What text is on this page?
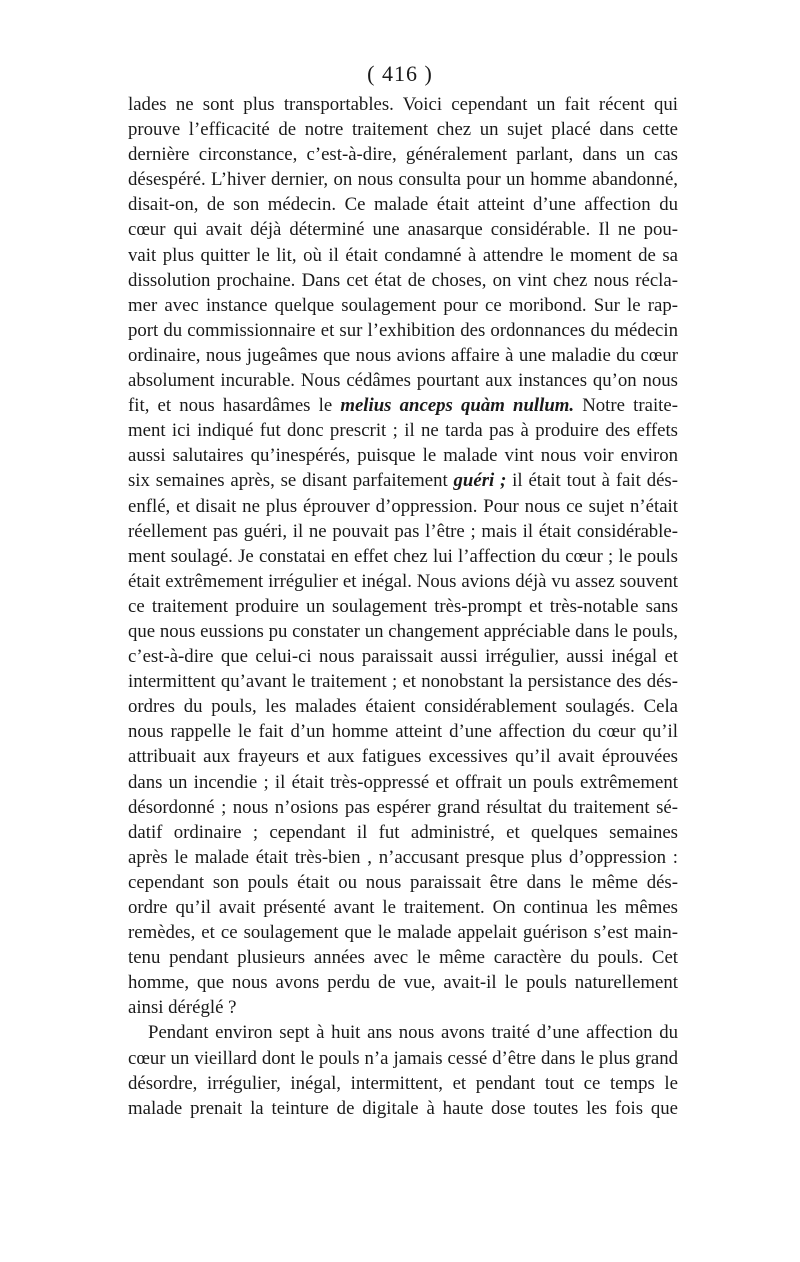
( 416 )

lades ne sont plus transportables. Voici cependant un fait récent qui
prouve l’efficacité de notre traitement chez un sujet placé dans cette
dernière circonstance, c’est-à-dire, généralement parlant, dans un cas
désespéré. L’hiver dernier, on nous consulta pour un homme abandonné,
disait-on, de son médecin. Ce malade était atteint d’une affection du
cœur qui avait déjà déterminé une anasarque considérable. Il ne pou-
vait plus quitter le lit, où il était condamné à attendre le moment de sa
dissolution prochaine. Dans cet état de choses, on vint chez nous récla-
mer avec instance quelque soulagement pour ce moribond. Sur le rap-
port du commissionnaire et sur l’exhibition des ordonnances du médecin
ordinaire, nous jugeâmes que nous avions affaire à une maladie du cœur
absolument incurable. Nous cédâmes pourtant aux instances qu’on nous
fit, et nous hasardâmes le melius anceps quàm nullum. Notre traite-
ment ici indiqué fut donc prescrit ; il ne tarda pas à produire des effets
aussi salutaires qu’inespérés, puisque le malade vint nous voir environ
six semaines après, se disant parfaitement guéri ; il était tout à fait dés-
enflé, et disait ne plus éprouver d’oppression. Pour nous ce sujet n’était
réellement pas guéri, il ne pouvait pas l’être ; mais il était considérable-
ment soulagé. Je constatai en effet chez lui l’affection du cœur ; le pouls
était extrêmement irrégulier et inégal. Nous avions déjà vu assez souvent
ce traitement produire un soulagement très-prompt et très-notable sans
que nous eussions pu constater un changement appréciable dans le pouls,
c’est-à-dire que celui-ci nous paraissait aussi irrégulier, aussi inégal et
intermittent qu’avant le traitement ; et nonobstant la persistance des dés-
ordres du pouls, les malades étaient considérablement soulagés. Cela
nous rappelle le fait d’un homme atteint d’une affection du cœur qu’il
attribuait aux frayeurs et aux fatigues excessives qu’il avait éprouvées
dans un incendie ; il était très-oppressé et offrait un pouls extrêmement
désordonné ; nous n’osions pas espérer grand résultat du traitement sé-
datif ordinaire ; cependant il fut administré, et quelques semaines
après le malade était très-bien , n’accusant presque plus d’oppression :
cependant son pouls était ou nous paraissait être dans le même dés-
ordre qu’il avait présenté avant le traitement. On continua les mêmes
remèdes, et ce soulagement que le malade appelait guérison s’est main-
tenu pendant plusieurs années avec le même caractère du pouls. Cet
homme, que nous avons perdu de vue, avait-il le pouls naturellement
ainsi déréglé ?

Pendant environ sept à huit ans nous avons traité d’une affection du
cœur un vieillard dont le pouls n’a jamais cessé d’être dans le plus grand
désordre, irrégulier, inégal, intermittent, et pendant tout ce temps le
malade prenait la teinture de digitale à haute dose toutes les fois que
